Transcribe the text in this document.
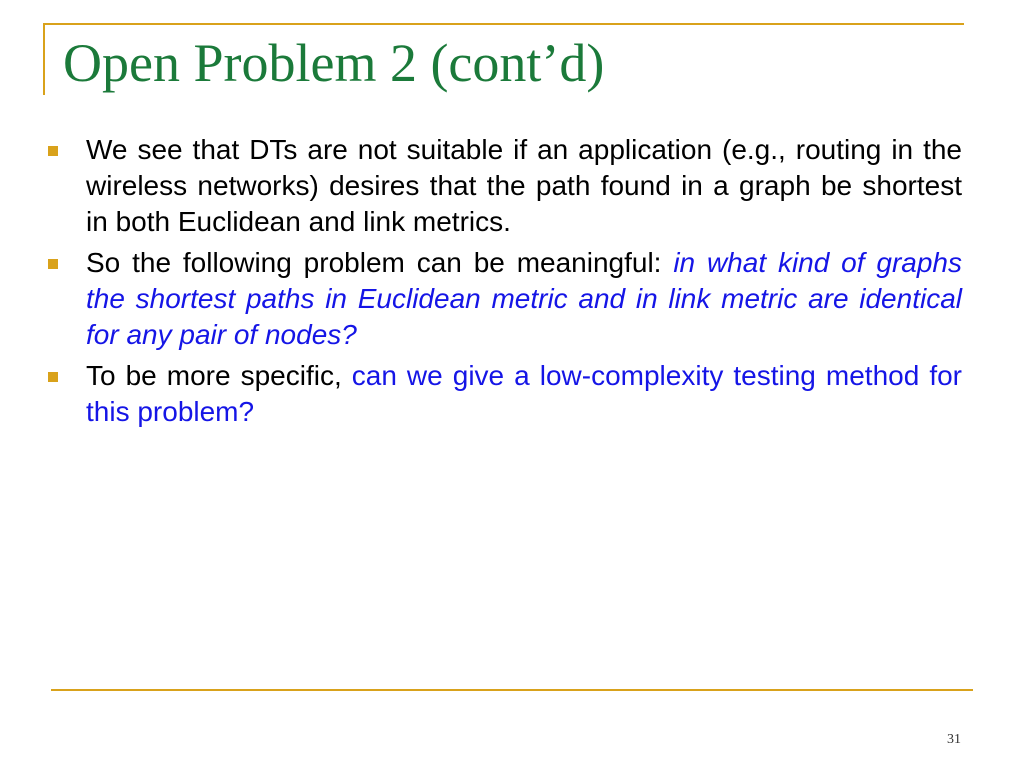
Open Problem 2 (cont’d)
We see that DTs are not suitable if an application (e.g., routing in the wireless networks) desires that the path found in a graph be shortest in both Euclidean and link metrics.
So the following problem can be meaningful: in what kind of graphs the shortest paths in Euclidean metric and in link metric are identical for any pair of nodes?
To be more specific, can we give a low-complexity testing method for this problem?
31
